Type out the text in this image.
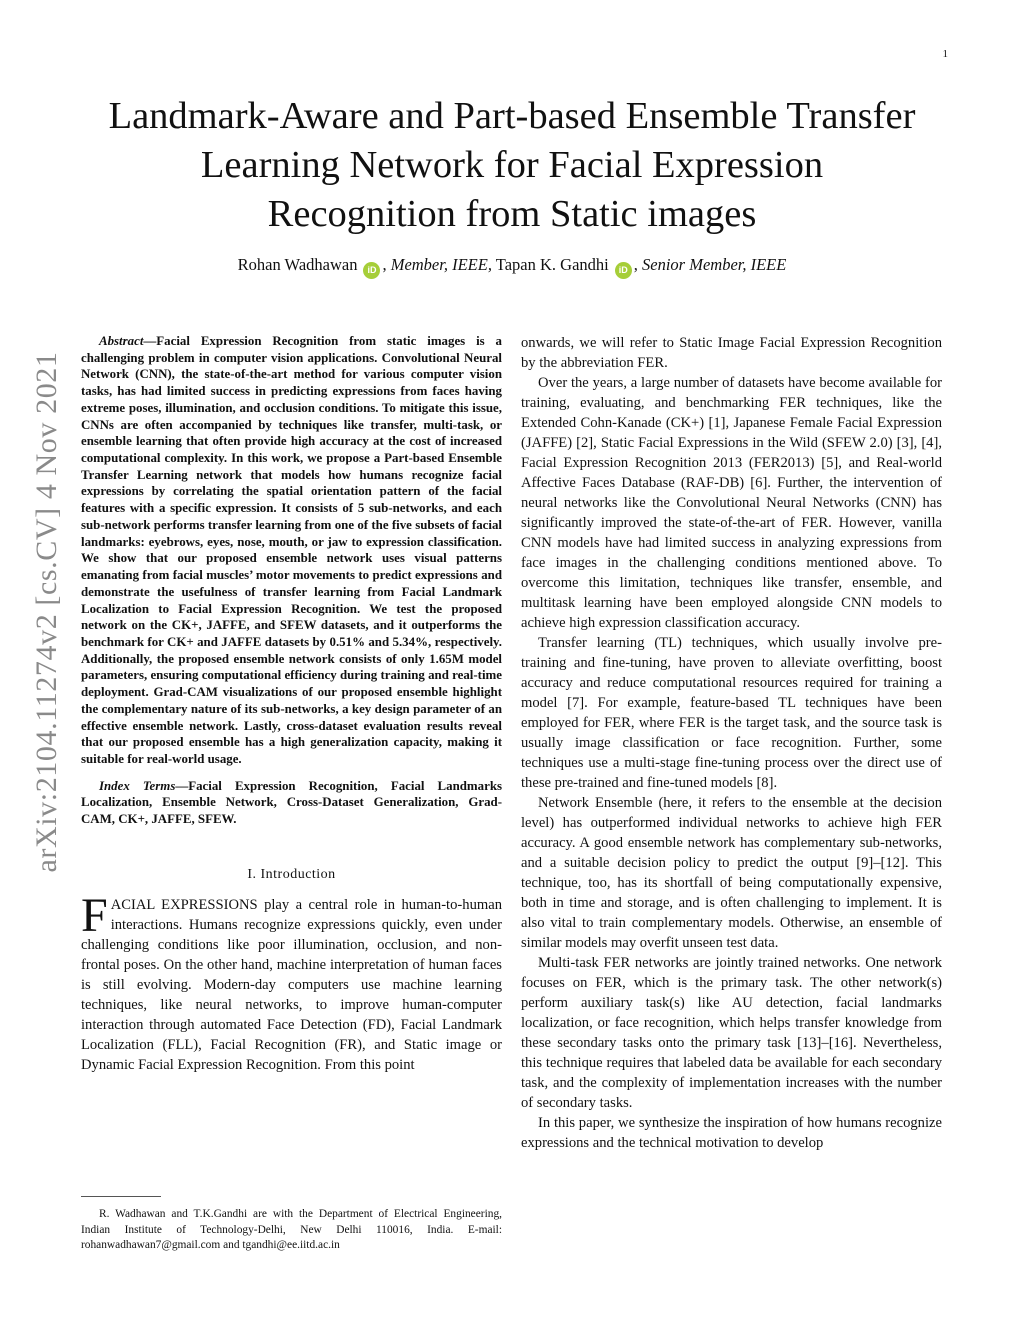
1
arXiv:2104.11274v2 [cs.CV] 4 Nov 2021
Landmark-Aware and Part-based Ensemble Transfer
Learning Network for Facial Expression
Recognition from Static images
Rohan Wadhawan iD , Member, IEEE, Tapan K. Gandhi iD , Senior Member, IEEE

Abstract—Facial Expression Recognition from static images is a challenging problem in computer vision applications. Convolutional Neural Network (CNN), the state-of-the-art method for various computer vision tasks, has had limited success in predicting expressions from faces having extreme poses, illumination, and occlusion conditions. To mitigate this issue, CNNs are often accompanied by techniques like transfer, multi-task, or ensemble learning that often provide high accuracy at the cost of increased computational complexity. In this work, we propose a Part-based Ensemble Transfer Learning network that models how humans recognize facial expressions by correlating the spatial orientation pattern of the facial features with a specific expression. It consists of 5 sub-networks, and each sub-network performs transfer learning from one of the five subsets of facial landmarks: eyebrows, eyes, nose, mouth, or jaw to expression classification. We show that our proposed ensemble network uses visual patterns emanating from facial muscles’ motor movements to predict expressions and demonstrate the usefulness of transfer learning from Facial Landmark Localization to Facial Expression Recognition. We test the proposed network on the CK+, JAFFE, and SFEW datasets, and it outperforms the benchmark for CK+ and JAFFE datasets by 0.51% and 5.34%, respectively. Additionally, the proposed ensemble network consists of only 1.65M model parameters, ensuring computational efficiency during training and real-time deployment. Grad-CAM visualizations of our proposed ensemble highlight the complementary nature of its sub-networks, a key design parameter of an effective ensemble network. Lastly, cross-dataset evaluation results reveal that our proposed ensemble has a high generalization capacity, making it suitable for real-world usage.

Index Terms—Facial Expression Recognition, Facial Landmarks Localization, Ensemble Network, Cross-Dataset Generalization, Grad-CAM, CK+, JAFFE, SFEW.

I. Introduction

FACIAL EXPRESSIONS play a central role in human-to-human interactions. Humans recognize expressions quickly, even under challenging conditions like poor illumination, occlusion, and non-frontal poses. On the other hand, machine interpretation of human faces is still evolving. Modern-day computers use machine learning techniques, like neural networks, to improve human-computer interaction through automated Face Detection (FD), Facial Landmark Localization (FLL), Facial Recognition (FR), and Static image or Dynamic Facial Expression Recognition. From this point

R. Wadhawan and T.K.Gandhi are with the Department of Electrical Engineering, Indian Institute of Technology-Delhi, New Delhi 110016, India. E-mail: rohanwadhawan7@gmail.com and tgandhi@ee.iitd.ac.in

onwards, we will refer to Static Image Facial Expression Recognition by the abbreviation FER.

Over the years, a large number of datasets have become available for training, evaluating, and benchmarking FER techniques, like the Extended Cohn-Kanade (CK+) [1], Japanese Female Facial Expression (JAFFE) [2], Static Facial Expressions in the Wild (SFEW 2.0) [3], [4], Facial Expression Recognition 2013 (FER2013) [5], and Real-world Affective Faces Database (RAF-DB) [6]. Further, the intervention of neural networks like the Convolutional Neural Networks (CNN) has significantly improved the state-of-the-art of FER. However, vanilla CNN models have had limited success in analyzing expressions from face images in the challenging conditions mentioned above. To overcome this limitation, techniques like transfer, ensemble, and multitask learning have been employed alongside CNN models to achieve high expression classification accuracy.

Transfer learning (TL) techniques, which usually involve pre-training and fine-tuning, have proven to alleviate overfitting, boost accuracy and reduce computational resources required for training a model [7]. For example, feature-based TL techniques have been employed for FER, where FER is the target task, and the source task is usually image classification or face recognition. Further, some techniques use a multi-stage fine-tuning process over the direct use of these pre-trained and fine-tuned models [8].

Network Ensemble (here, it refers to the ensemble at the decision level) has outperformed individual networks to achieve high FER accuracy. A good ensemble network has complementary sub-networks, and a suitable decision policy to predict the output [9]–[12]. This technique, too, has its shortfall of being computationally expensive, both in time and storage, and is often challenging to implement. It is also vital to train complementary models. Otherwise, an ensemble of similar models may overfit unseen test data.

Multi-task FER networks are jointly trained networks. One network focuses on FER, which is the primary task. The other network(s) perform auxiliary task(s) like AU detection, facial landmarks localization, or face recognition, which helps transfer knowledge from these secondary tasks onto the primary task [13]–[16]. Nevertheless, this technique requires that labeled data be available for each secondary task, and the complexity of implementation increases with the number of secondary tasks.

In this paper, we synthesize the inspiration of how humans recognize expressions and the technical motivation to develop
